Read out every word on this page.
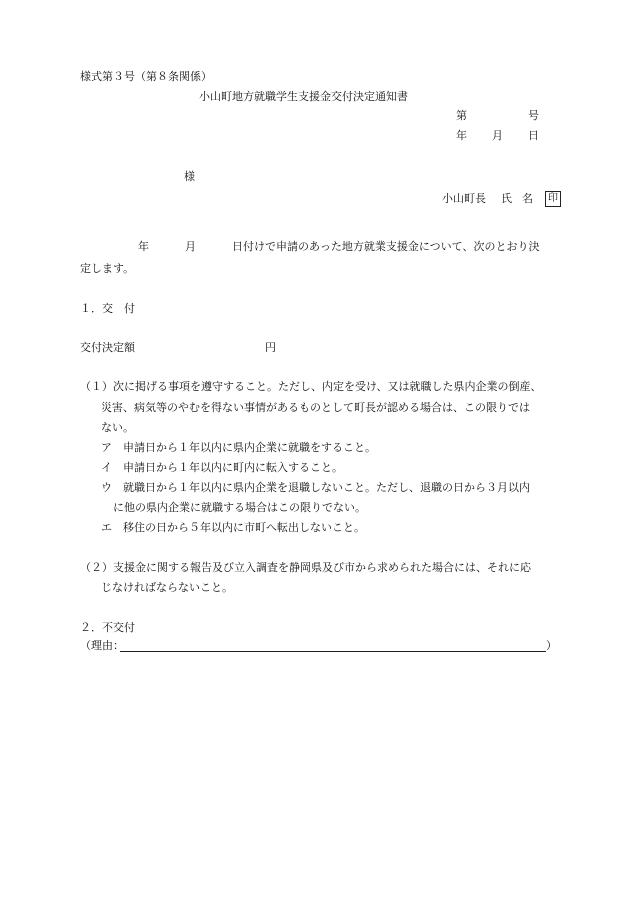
様式第３号（第８条関係）
小山町地方就職学生支援金交付決定通知書
第	号
年 月 日
様
小山町長 氏 名	印
年	月	日付けで申請のあった地方就業支援金について、次のとおり決
定します。
１．交　付
交付決定額	円
（１）次に掲げる事項を遵守すること。ただし、内定を受け、又は就職した県内企業の倒産、
災害、病気等のやむを得ない事情があるものとして町長が認める場合は、この限りでは
ない。
ア　申請日から１年以内に県内企業に就職をすること。
イ　申請日から１年以内に町内に転入すること。
ウ　就職日から１年以内に県内企業を退職しないこと。ただし、退職の日から３月以内
に他の県内企業に就職する場合はこの限りでない。
エ　移住の日から５年以内に市町へ転出しないこと。
（２）支援金に関する報告及び立入調査を静岡県及び市から求められた場合には、それに応
じなければならないこと。
２．不交付
（理由：	）
